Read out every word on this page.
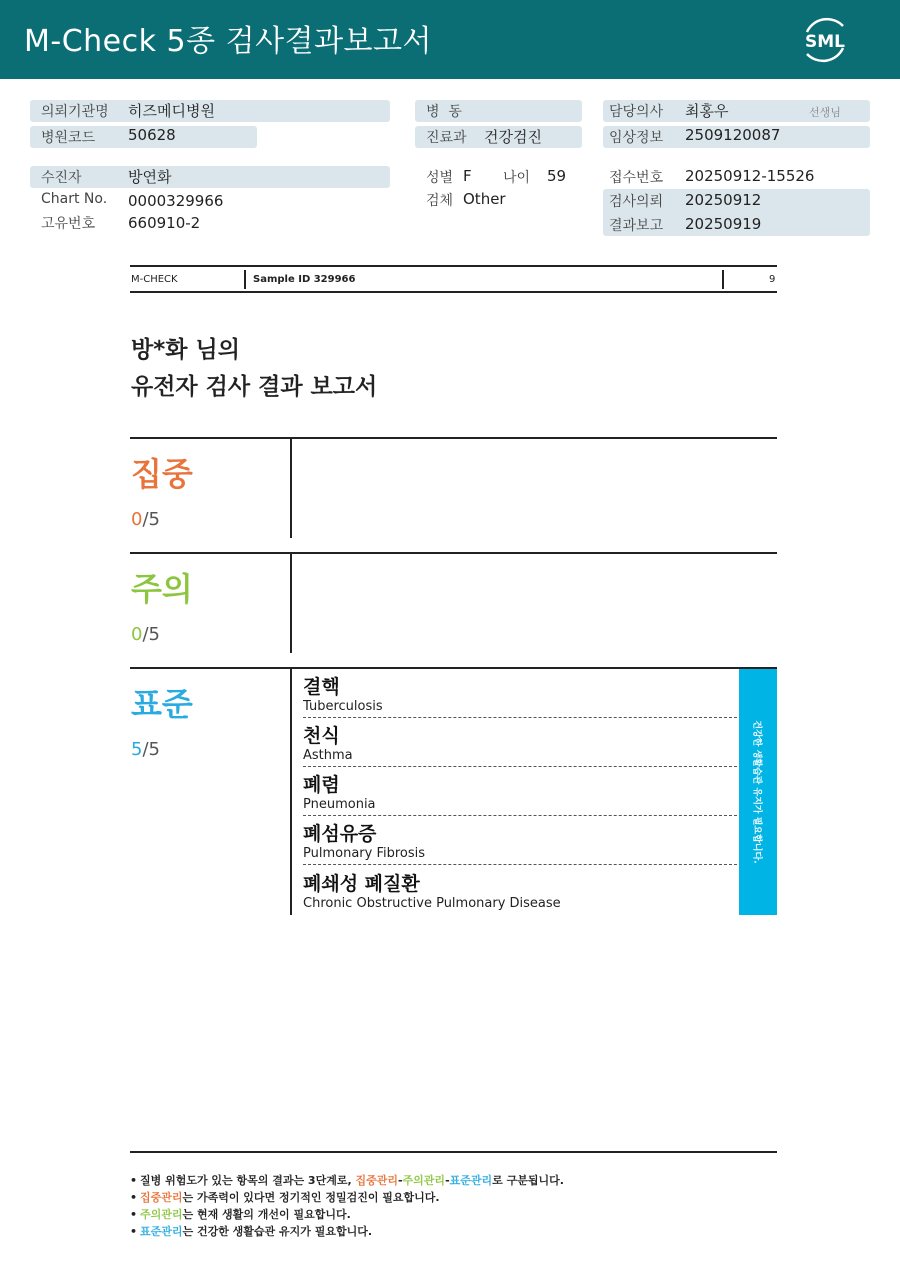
M-Check 5종 검사결과보고서	SML
의뢰기관명 히즈메디병원
병원코드 50628
병  동
진료과 건강검진
담당의사 최홍우	선생님
임상정보 2509120087
수진자	방연화
Chart No. 0000329966
고유번호 660910-2
성별 F 나이 59
검체 Other
접수번호 20250912-15526
검사의뢰 20250912
결과보고 20250919
M-CHECK	Sample ID 329966	9
방*화 님의
유전자 검사 결과 보고서
집중
0/5
주의
0/5
표준
5/5
결핵
Tuberculosis
천식
Asthma
폐렴
Pneumonia
폐섬유증
Pulmonary Fibrosis
폐쇄성 폐질환
Chronic Obstructive Pulmonary Disease
건강한 생활습관 유지가 필요합니다.
• 질병 위험도가 있는 항목의 결과는 3단계로, 집중관리-주의관리-표준관리로 구분됩니다.
• 집중관리는 가족력이 있다면 정기적인 정밀검진이 필요합니다.
• 주의관리는 현재 생활의 개선이 필요합니다.
• 표준관리는 건강한 생활습관 유지가 필요합니다.
